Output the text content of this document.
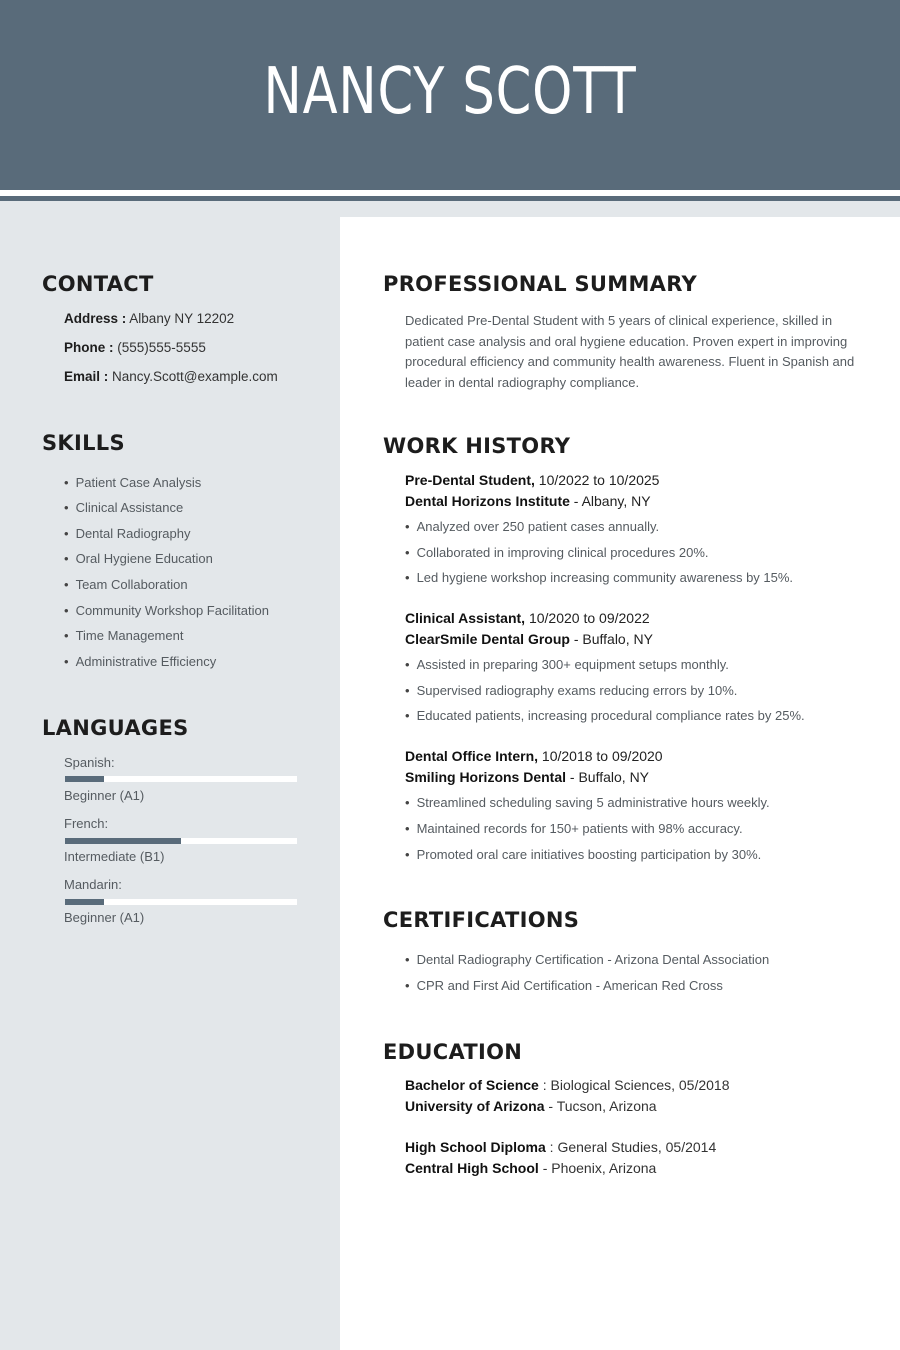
NANCY SCOTT
CONTACT
Address : Albany NY 12202
Phone : (555)555-5555
Email : Nancy.Scott@example.com
SKILLS
• Patient Case Analysis
• Clinical Assistance
• Dental Radiography
• Oral Hygiene Education
• Team Collaboration
• Community Workshop Facilitation
• Time Management
• Administrative Efficiency
LANGUAGES
Spanish:
Beginner (A1)
French:
Intermediate (B1)
Mandarin:
Beginner (A1)
PROFESSIONAL SUMMARY
Dedicated Pre-Dental Student with 5 years of clinical experience, skilled in patient case analysis and oral hygiene education. Proven expert in improving procedural efficiency and community health awareness. Fluent in Spanish and leader in dental radiography compliance.
WORK HISTORY
Pre-Dental Student, 10/2022 to 10/2025
Dental Horizons Institute - Albany, NY
• Analyzed over 250 patient cases annually.
• Collaborated in improving clinical procedures 20%.
• Led hygiene workshop increasing community awareness by 15%.
Clinical Assistant, 10/2020 to 09/2022
ClearSmile Dental Group - Buffalo, NY
• Assisted in preparing 300+ equipment setups monthly.
• Supervised radiography exams reducing errors by 10%.
• Educated patients, increasing procedural compliance rates by 25%.
Dental Office Intern, 10/2018 to 09/2020
Smiling Horizons Dental - Buffalo, NY
• Streamlined scheduling saving 5 administrative hours weekly.
• Maintained records for 150+ patients with 98% accuracy.
• Promoted oral care initiatives boosting participation by 30%.
CERTIFICATIONS
• Dental Radiography Certification - Arizona Dental Association
• CPR and First Aid Certification - American Red Cross
EDUCATION
Bachelor of Science : Biological Sciences, 05/2018
University of Arizona - Tucson, Arizona
High School Diploma : General Studies, 05/2014
Central High School - Phoenix, Arizona
